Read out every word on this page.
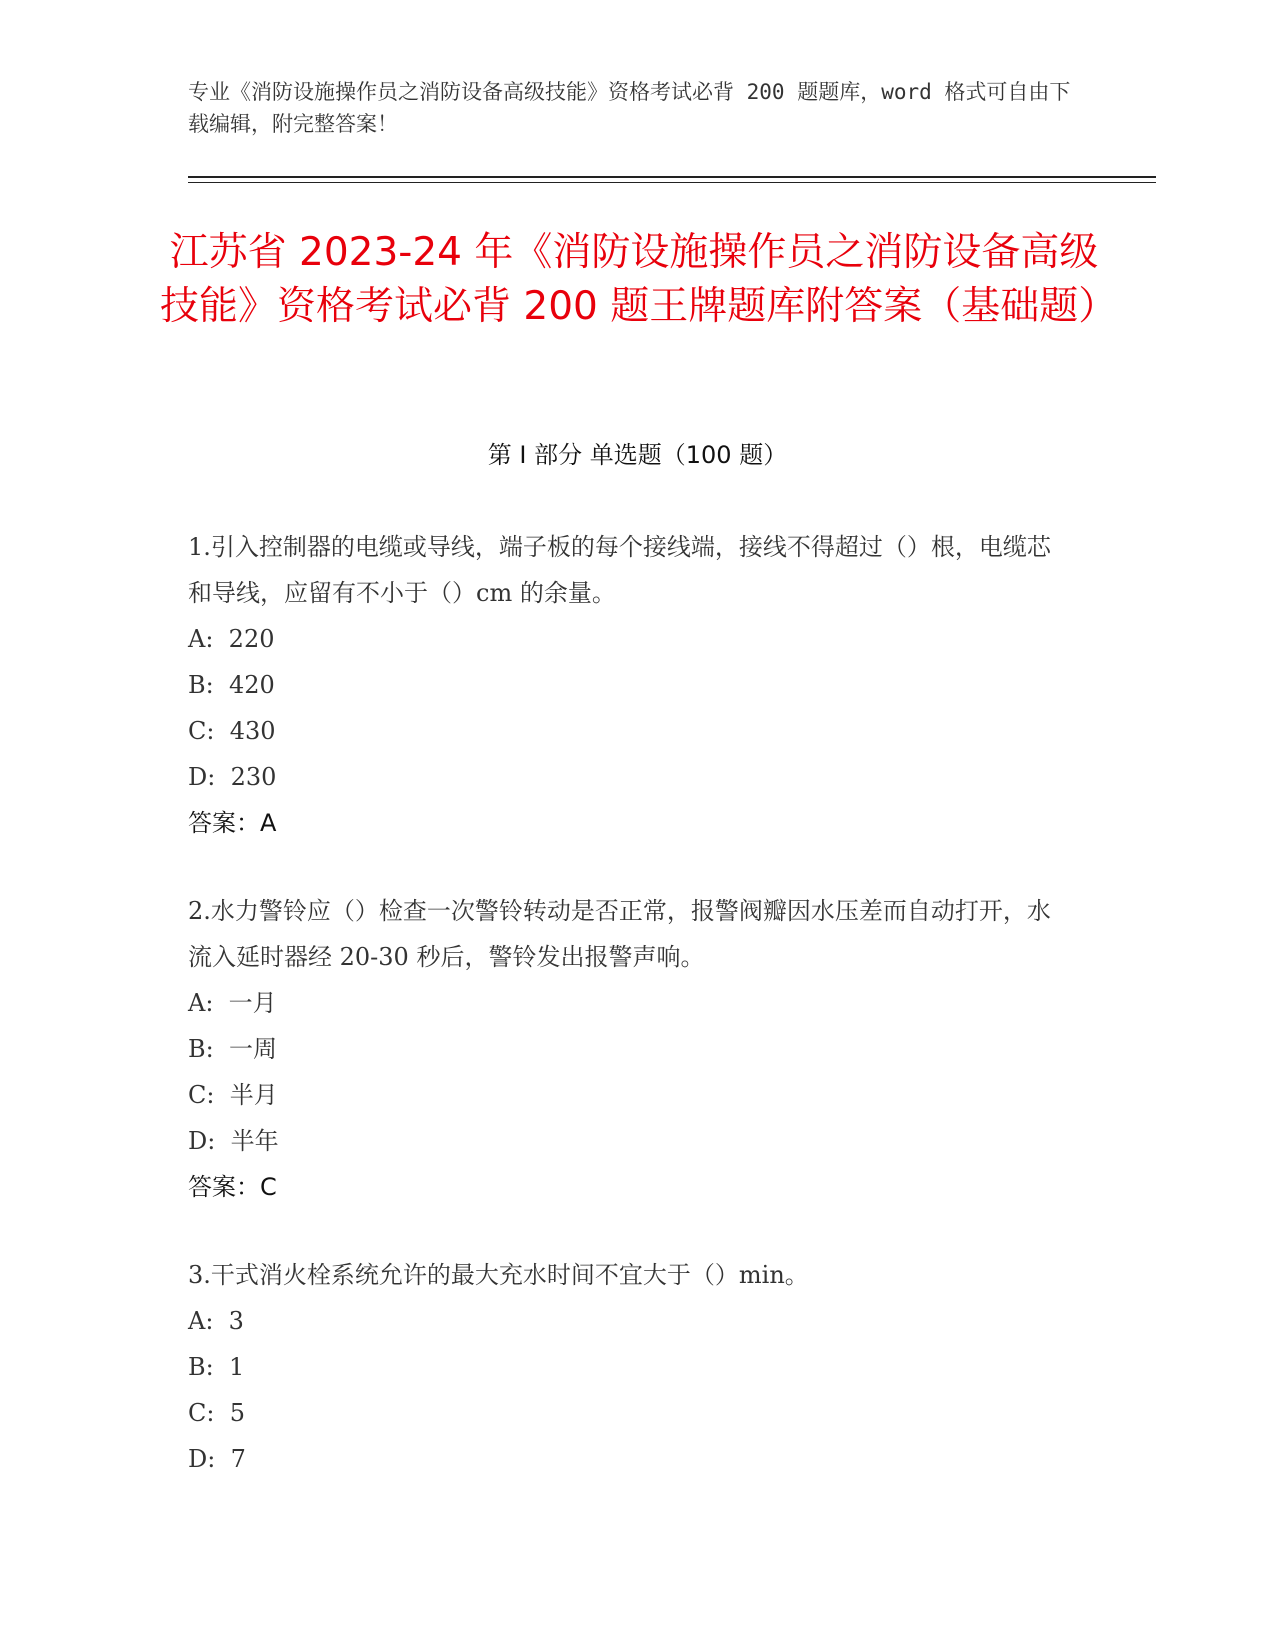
专业《消防设施操作员之消防设备高级技能》资格考试必背 200 题题库，word 格式可自由下载编辑，附完整答案！

江苏省 2023-24 年《消防设施操作员之消防设备高级技能》资格考试必背 200 题王牌题库附答案（基础题）
第 I 部分 单选题（100 题）

1.引入控制器的电缆或导线，端子板的每个接线端，接线不得超过（）根，电缆芯和导线，应留有不小于（）cm 的余量。

A:  220

B:  420

C:  430

D:  230

答案：A

2.水力警铃应（）检查一次警铃转动是否正常，报警阀瓣因水压差而自动打开，水流入延时器经 20-30 秒后，警铃发出报警声响。

A:  一月

B:  一周

C:  半月

D:  半年

答案：C

3.干式消火栓系统允许的最大充水时间不宜大于（）min。

A:  3

B:  1

C:  5

D:  7
